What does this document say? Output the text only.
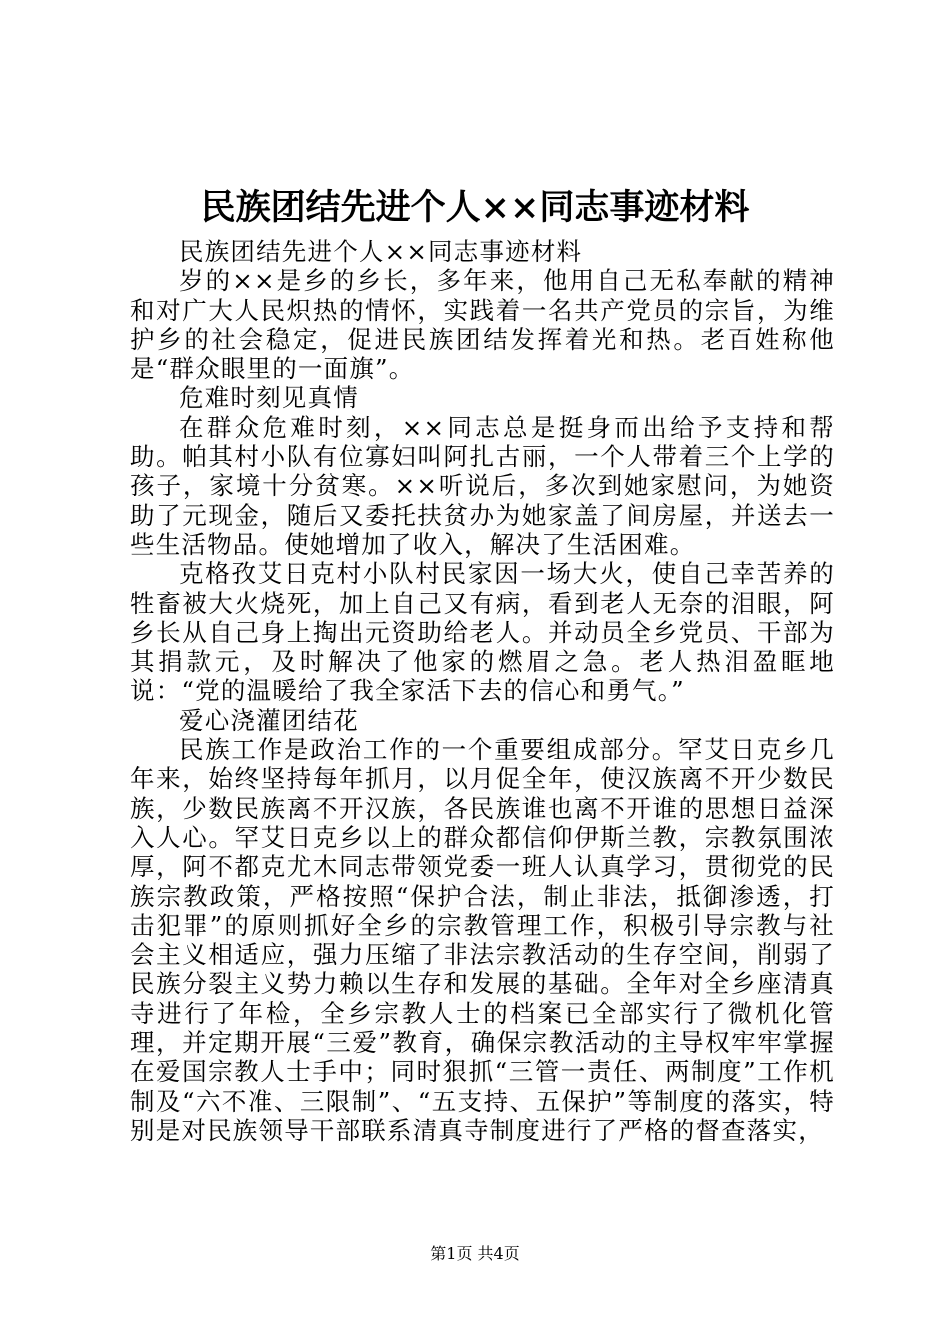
民族团结先进个人××同志事迹材料

民族团结先进个人××同志事迹材料

岁的××是乡的乡长，多年来，他用自己无私奉献的精神和对广大人民炽热的情怀，实践着一名共产党员的宗旨，为维护乡的社会稳定，促进民族团结发挥着光和热。老百姓称他是“群众眼里的一面旗”。

危难时刻见真情

在群众危难时刻，××同志总是挺身而出给予支持和帮助。帕其村小队有位寡妇叫阿扎古丽，一个人带着三个上学的孩子，家境十分贫寒。××听说后，多次到她家慰问，为她资助了元现金，随后又委托扶贫办为她家盖了间房屋，并送去一些生活物品。使她增加了收入，解决了生活困难。

克格孜艾日克村小队村民家因一场大火，使自己幸苦养的牲畜被大火烧死，加上自己又有病，看到老人无奈的泪眼，阿乡长从自己身上掏出元资助给老人。并动员全乡党员、干部为其捐款元，及时解决了他家的燃眉之急。老人热泪盈眶地说：“党的温暖给了我全家活下去的信心和勇气。”

爱心浇灌团结花

民族工作是政治工作的一个重要组成部分。罕艾日克乡几年来，始终坚持每年抓月，以月促全年，使汉族离不开少数民族，少数民族离不开汉族，各民族谁也离不开谁的思想日益深入人心。罕艾日克乡以上的群众都信仰伊斯兰教，宗教氛围浓厚，阿不都克尤木同志带领党委一班人认真学习，贯彻党的民族宗教政策，严格按照“保护合法，制止非法，抵御渗透，打击犯罪”的原则抓好全乡的宗教管理工作，积极引导宗教与社会主义相适应，强力压缩了非法宗教活动的生存空间，削弱了民族分裂主义势力赖以生存和发展的基础。全年对全乡座清真寺进行了年检，全乡宗教人士的档案已全部实行了微机化管理，并定期开展“三爱”教育，确保宗教活动的主导权牢牢掌握在爱国宗教人士手中；同时狠抓“三管一责任、两制度”工作机制及“六不准、三限制”、“五支持、五保护”等制度的落实，特别是对民族领导干部联系清真寺制度进行了严格的督查落实，

第1页 共4页
